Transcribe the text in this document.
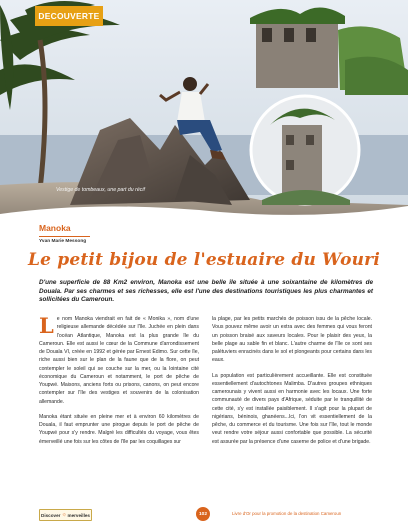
DECOUVERTE
Vestige de tombeaux, une part du récif
Manoka
Yvan Marie Messong
Le petit bijou de l'estuaire du Wouri
D'une superficie de 88 Km2 environ, Manoka est une belle île située à une soixantaine de kilomètres de Douala. Par ses charmes et ses richesses, elle est l'une des destinations touristiques les plus charmantes et sollicitées du Cameroun.

L e nom Manoka viendrait en fait de « Monika », nom d'une religieuse allemande décédée sur l'île. Juchée en plein dans l'océan Atlantique, Manoka est la plus grande île du Cameroun. Elle est aussi le cœur de la Commune d'arrondissement de Douala VI, créée en 1992 et gérée par Ernest Edimo. Sur cette île, riche aussi bien sur le plan de la faune que de la flore, on peut contempler le soleil qui se couche sur la mer, ou la lointaine cité économique du Cameroun et notamment, le port de pêche de Youpwé. Maisons, anciens forts ou prisons, canons, on peut encore contempler sur l'île des vestiges et souvenirs de la colonisation allemande.

Manoka étant située en pleine mer et à environ 60 kilomètres de Douala, il faut emprunter une pirogue depuis le port de pêche de Youpwé pour s'y rendre. Malgré les difficultés du voyage, vous êtes émerveillé une fois sur les côtes de l'île par les coquillages sur

la plage, par les petits marchés de poisson issu de la pêche locale. Vous pouvez même avoir un extra avec des femmes qui vous feront un poisson braisé aux saveurs locales. Pour le plaisir des yeux, la belle plage au sable fin et blanc. L'autre charme de l'île ce sont ses palétuviers enracinés dans le sol et plongeants pour certains dans les eaux.

La population est particulièrement accueillante. Elle est constituée essentiellement d'autochtones Malimba. D'autres groupes ethniques camerounais y vivent aussi en harmonie avec les locaux. Une forte communauté de divers pays d'Afrique, séduite par le tranquillité de cette cité, s'y est installée paisiblement. Il s'agit pour la plupart de nigérians, béninois, ghanéens...Ici, l'on vit essentiellement de la pêche, du commerce et du tourisme. Une fois sur l'île, tout le monde veut rendre votre séjour aussi confortable que possible. La sécurité est assurée par la présence d'une caserne de police et d'une brigade.

Discover ☼ merveilles	102	Livre d'Or pour la promotion de la destination Cameroun
